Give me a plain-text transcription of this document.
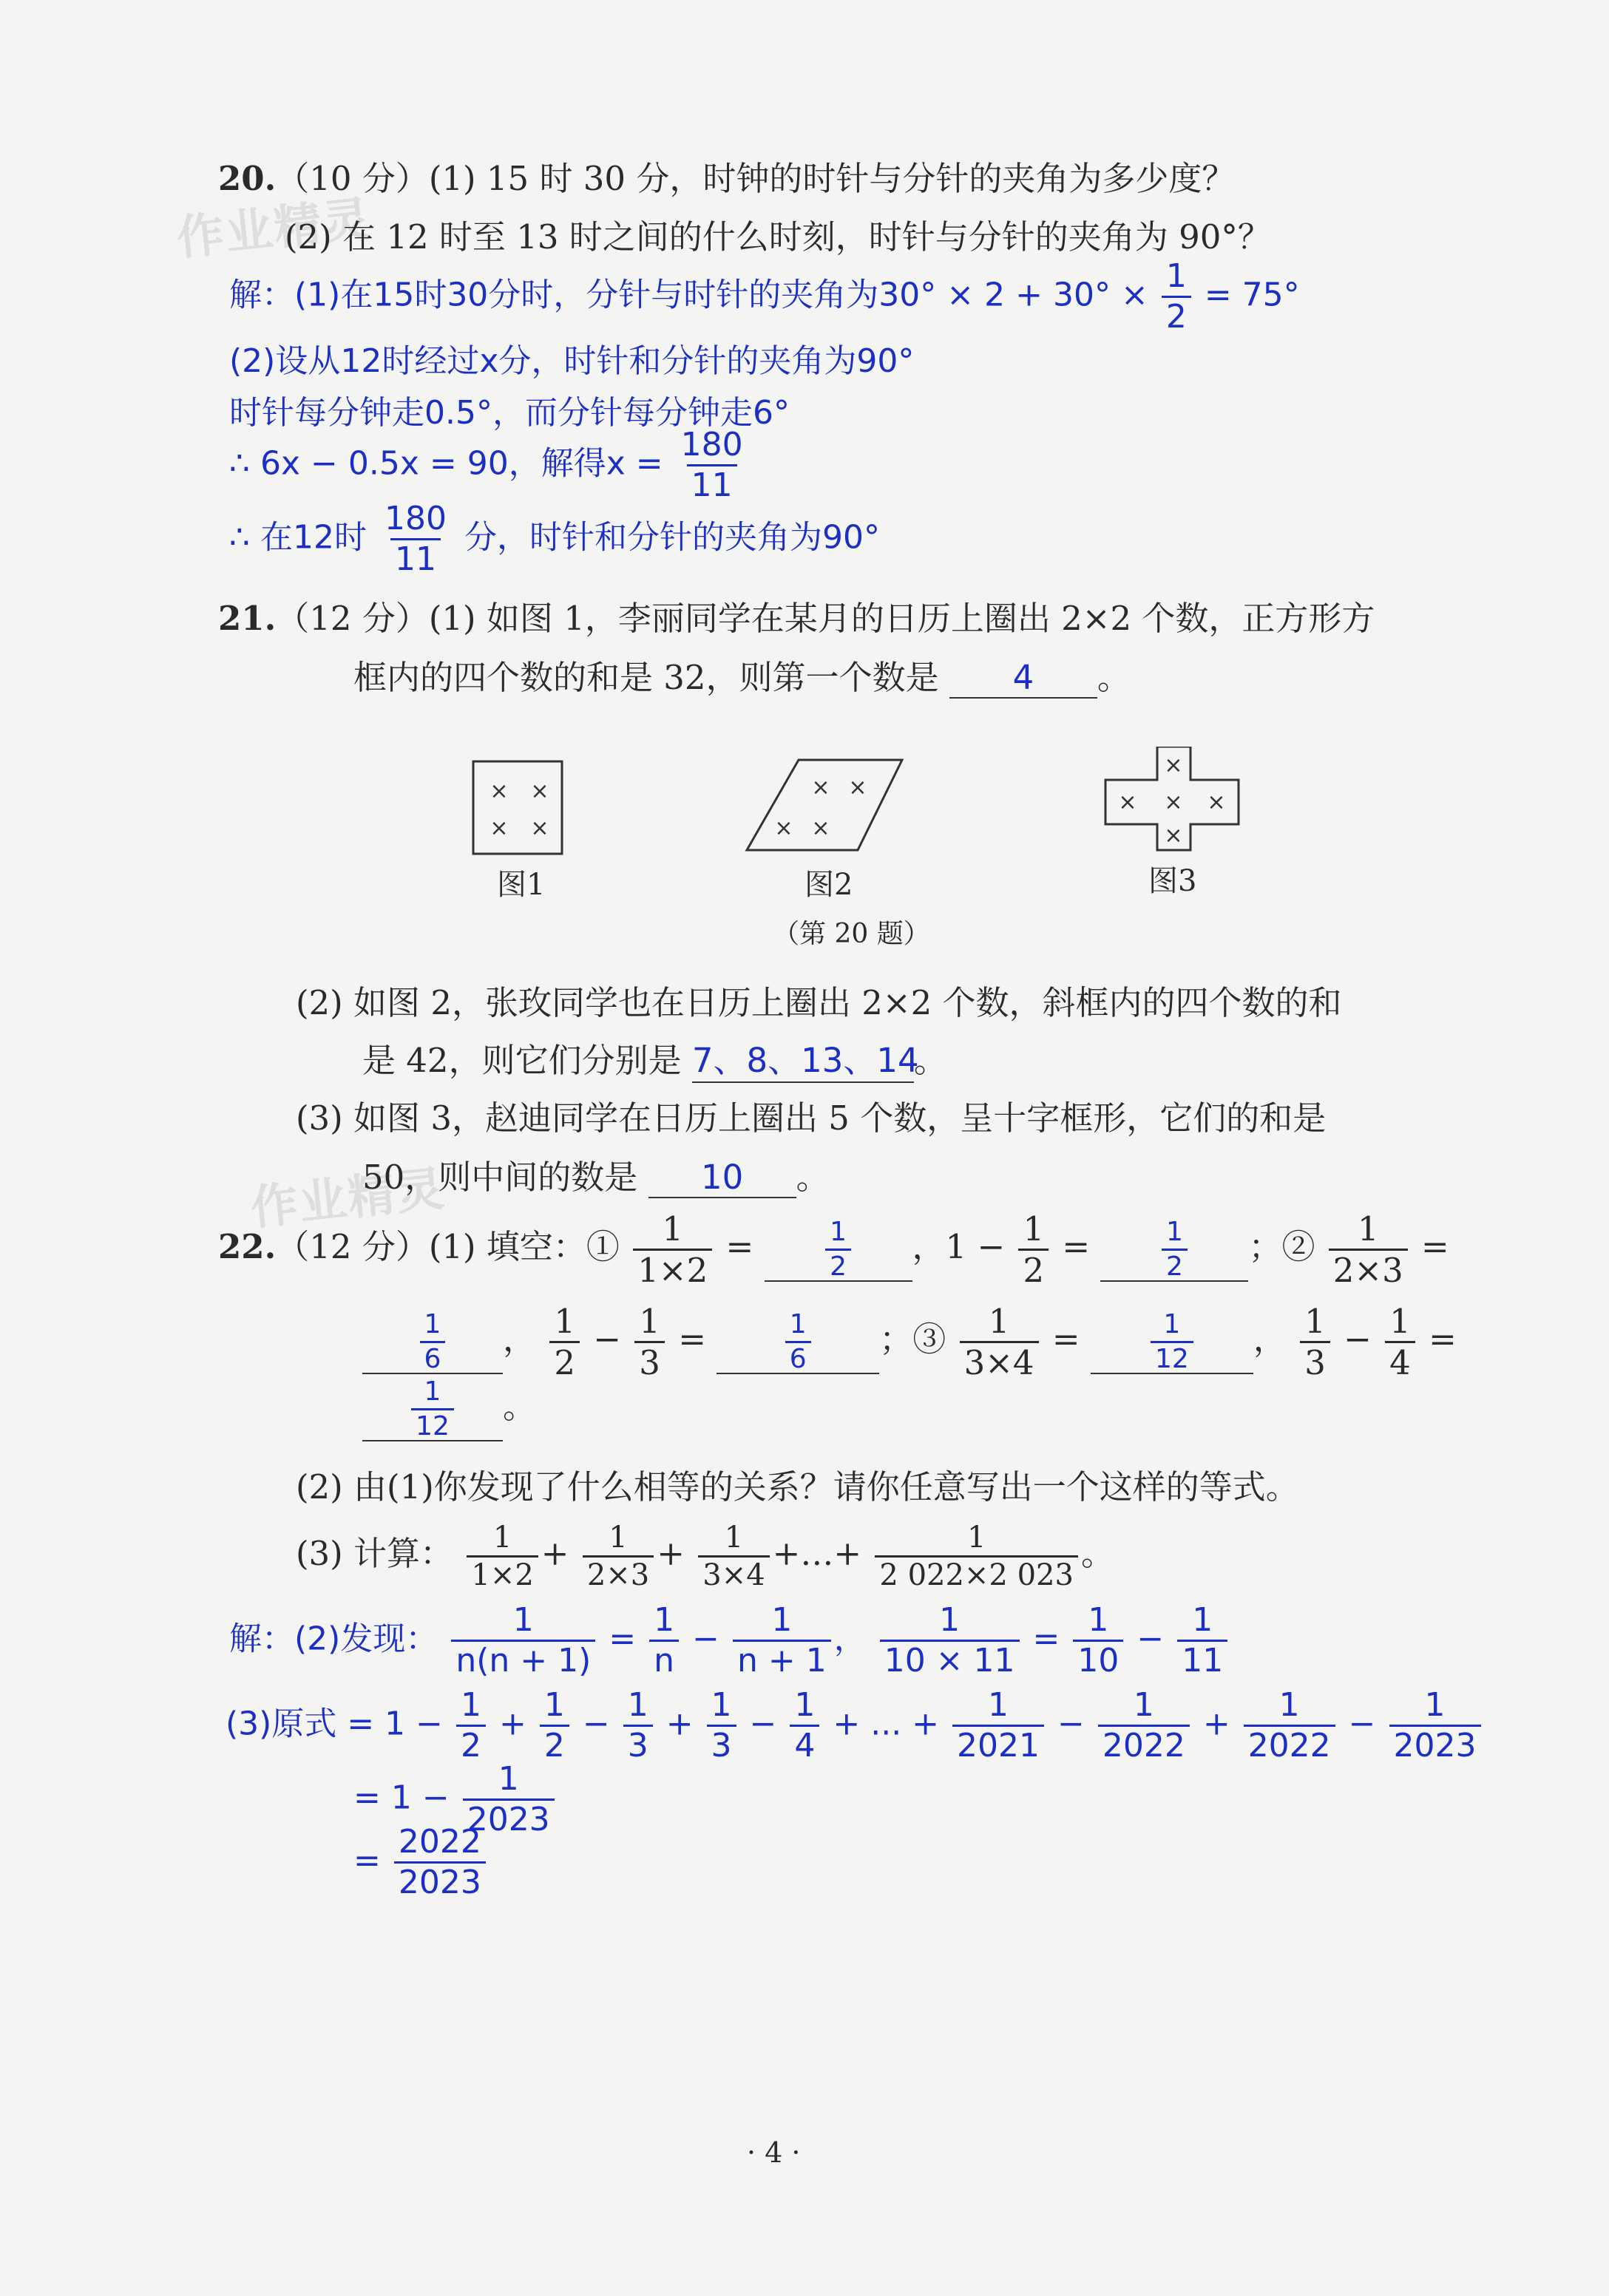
作业精灵
作业精灵
20.（10 分）(1) 15 时 30 分，时钟的时针与分针的夹角为多少度？
(2) 在 12 时至 13 时之间的什么时刻，时针与分针的夹角为 90°？
解：(1)在15时30分时，分针与时针的夹角为$30^\circ \times 2 + 30^\circ \times \frac{1}{2} = 75^\circ$
(2)设从12时经过x分，时针和分针的夹角为90°
时针每分钟走0.5°，而分针每分钟走6°
∴ 6x − 0.5x = 90，解得$x = \frac{180}{11}$
∴ 在12时 $\frac{180}{11}$ 分，时针和分针的夹角为90°
21.（12 分）(1) 如图 1，李丽同学在某月的日历上圈出 2×2 个数，正方形方
框内的四个数的和是 32，则第一个数是 4 。
× ×
× ×
× ×
× ×
×
× × ×
×
图1	图2	图3
（第 20 题）
(2) 如图 2，张玫同学也在日历上圈出 2×2 个数，斜框内的四个数的和
是 42，则它们分别是 7、8、13、14。
(3) 如图 3，赵迪同学在日历上圈出 5 个数，呈十字框形，它们的和是
50，则中间的数是 10 。
22.（12 分）(1) 填空：① $\frac{1}{1\times 2} = \frac{1}{2}$ ，$1 - \frac{1}{2} = \frac{1}{2}$ ；② $\frac{1}{2\times 3}$ =
$\frac{1}{6}$ ， $\frac{1}{2} - \frac{1}{3}$ =	$\frac{1}{6}$ ；③ $\frac{1}{3\times 4} = \frac{1}{12}$ ， $\frac{1}{3} - \frac{1}{4}$ =
$\frac{1}{12}$ 。
(2) 由(1)你发现了什么相等的关系？请你任意写出一个这样的等式。
(3) 计算： $\frac{1}{1\times 2} + \frac{1}{2\times 3} + \frac{1}{3\times 4}$ +…+ $\frac{1}{2 022\times 2 023}$ 。
解：(2)发现： $\frac{1}{n(n + 1)} = \frac{1}{n} - \frac{1}{n + 1}$ ， $\frac{1}{10 \times 11} = \frac{1}{10} - \frac{1}{11}$
(3)原式 = $1 - \frac{1}{2} + \frac{1}{2} - \frac{1}{3} + \frac{1}{3} - \frac{1}{4}$ + ... + $\frac{1}{2021} - \frac{1}{2022} + \frac{1}{2022} - \frac{1}{2023}$
= $1 - \frac{1}{2023}$
= $\frac{2022}{2023}$
· 4 ·
